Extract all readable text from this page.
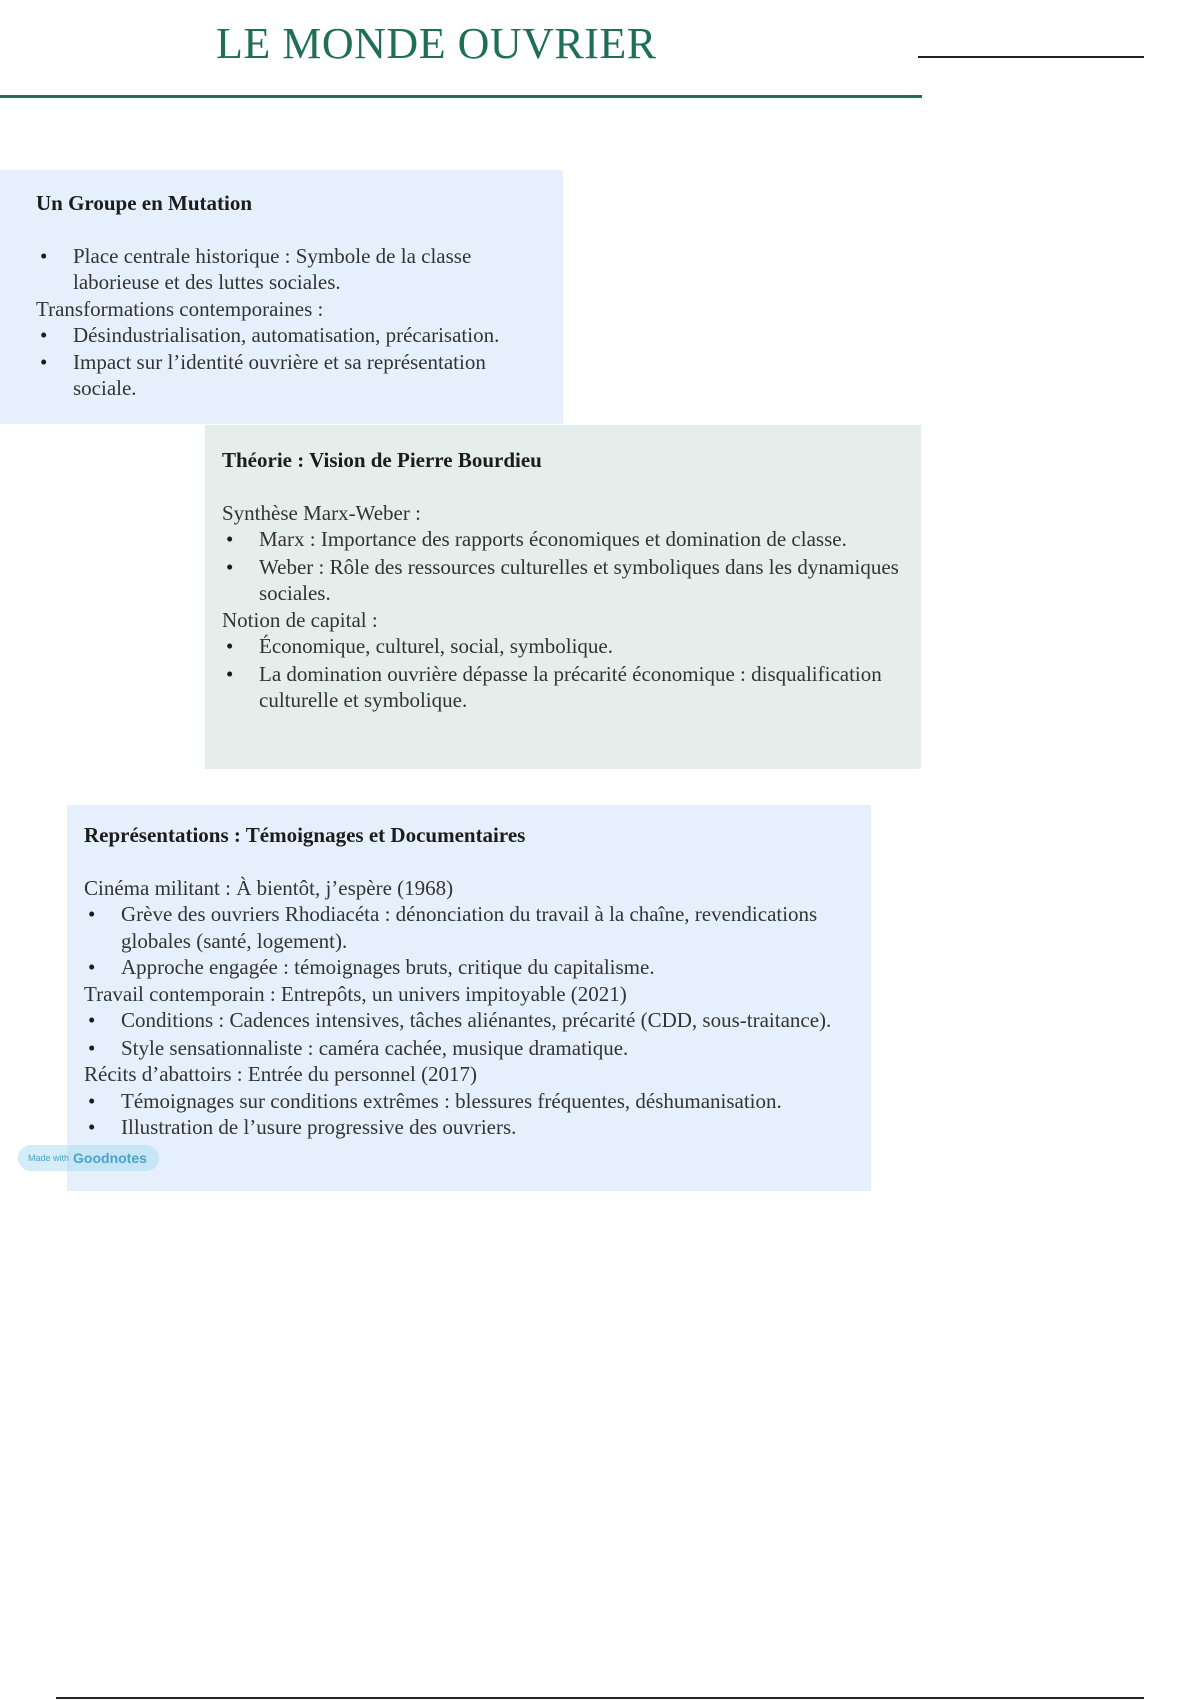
LE MONDE OUVRIER

Un Groupe en Mutation

• Place centrale historique : Symbole de la classe laborieuse et des luttes sociales.

Transformations contemporaines :

• Désindustrialisation, automatisation, précarisation.
• Impact sur l’identité ouvrière et sa représentation sociale.

Théorie : Vision de Pierre Bourdieu

Synthèse Marx-Weber :

• Marx : Importance des rapports économiques et domination de classe.
• Weber : Rôle des ressources culturelles et symboliques dans les dynamiques sociales.

Notion de capital :

• Économique, culturel, social, symbolique.
• La domination ouvrière dépasse la précarité économique : disqualification culturelle et symbolique.

Représentations : Témoignages et Documentaires

Cinéma militant : À bientôt, j’espère (1968)

• Grève des ouvriers Rhodiacéta : dénonciation du travail à la chaîne, revendications globales (santé, logement).
• Approche engagée : témoignages bruts, critique du capitalisme.

Travail contemporain : Entrepôts, un univers impitoyable (2021)

• Conditions : Cadences intensives, tâches aliénantes, précarité (CDD, sous-traitance).
• Style sensationnaliste : caméra cachée, musique dramatique.

Récits d’abattoirs : Entrée du personnel (2017)

• Témoignages sur conditions extrêmes : blessures fréquentes, déshumanisation.
• Illustration de l’usure progressive des ouvriers.
Made with Goodnotes
